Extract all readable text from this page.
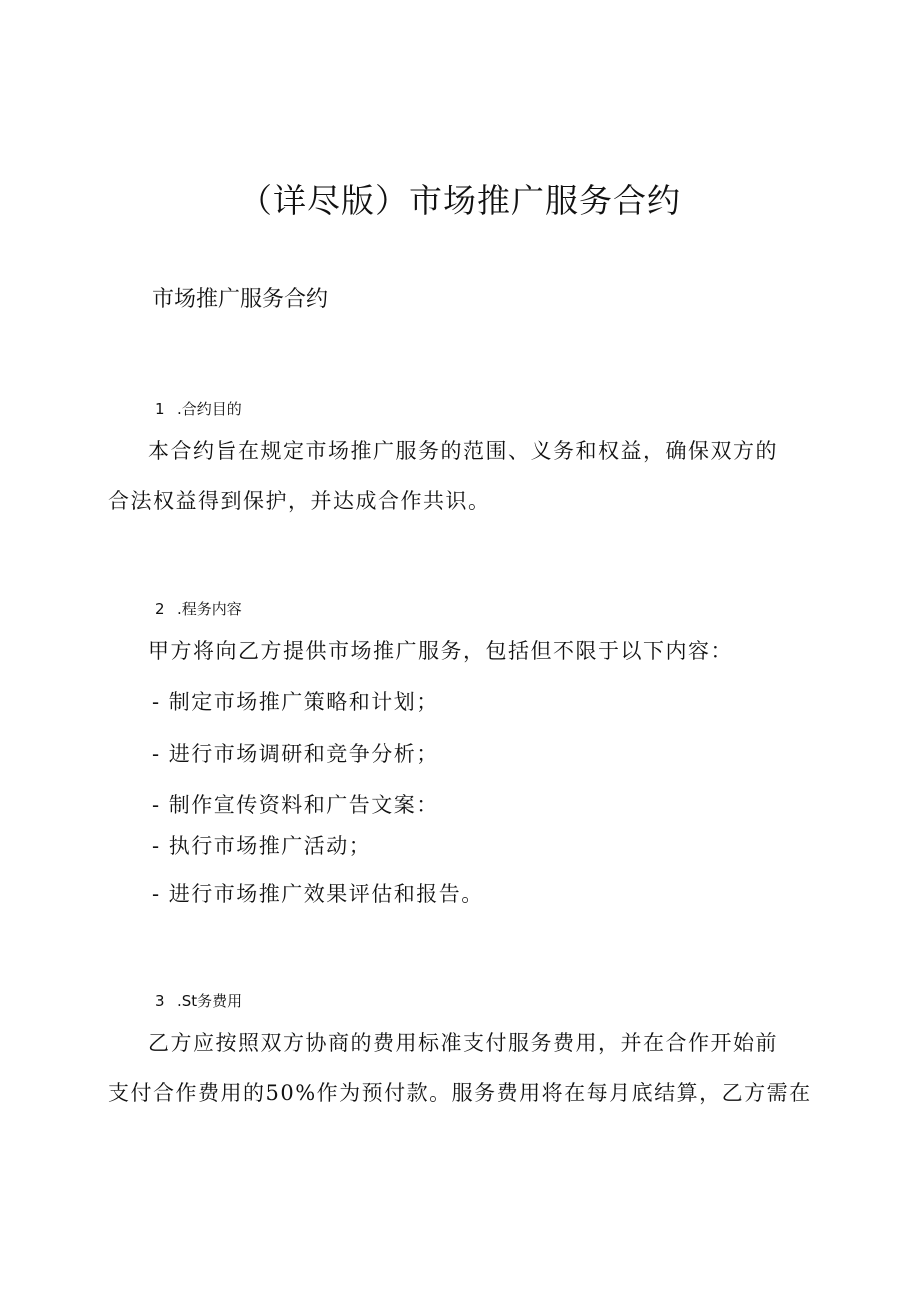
（详尽版）市场推广服务合约
市场推广服务合约
1 .合约目的

本合约旨在规定市场推广服务的范围、义务和权益，确保双方的

合法权益得到保护，并达成合作共识。

2 .程务内容

甲方将向乙方提供市场推广服务，包括但不限于以下内容：

- 制定市场推广策略和计划；

- 进行市场调研和竞争分析；

- 制作宣传资料和广告文案：

- 执行市场推广活动；

- 进行市场推广效果评估和报告。

3 .St务费用

乙方应按照双方协商的费用标准支付服务费用，并在合作开始前

支付合作费用的50%作为预付款。服务费用将在每月底结算，乙方需在
